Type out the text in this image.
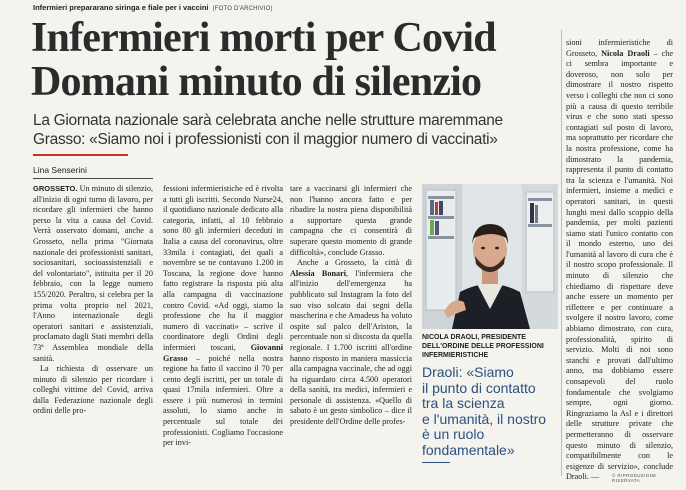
Infermieri prepararano siringa e fiale per i vaccini (FOTO D'ARCHIVIO)
Infermieri morti per Covid
Domani minuto di silenzio
La Giornata nazionale sarà celebrata anche nelle strutture maremmane
Grasso: «Siamo noi i professionisti con il maggior numero di vaccinati»
Lina Senserini

GROSSETO. Un minuto di silenzio, all'inizio di ogni turno di lavoro, per ricordare gli infermieri che hanno perso la vita a causa del Covid. Verrà osservato domani, anche a Grosseto, nella prima "Giornata nazionale dei professionisti sanitari, sociosanitari, socioassistenziali e del volontariato", istituita per il 20 febbraio, con la legge numero 155/2020. Peraltro, si celebra per la prima volta proprio nel 2021, l'Anno internazionale degli operatori sanitari e assistenziali, proclamato dagli Stati membri della 73ª Assemblea mondiale della sanità.

La richiesta di osservare un minuto di silenzio per ricordare i colleghi vittime del Covid, arriva dalla Federazione nazionale degli ordini delle pro-

fessioni infermieristiche ed è rivolta a tutti gli iscritti. Secondo Nurse24, il quotidiano nazionale dedicato alla categoria, infatti, al 10 febbraio sono 80 gli infermieri deceduti in Italia a causa del coronavirus, oltre 33mila i contagiati, dei quali a novembre se ne contavano 1.200 in Toscana, la regione dove hanno fatto registrare la risposta più alta alla campagna di vaccinazione contro Covid. «Ad oggi, siamo la professione che ha il maggior numero di vaccinati» – scrive il coordinatore degli Ordini degli infermieri toscani, Giovanni Grasso – poiché nella nostra regione ha fatto il vaccino il 70 per cento degli iscritti, per un totale di quasi 17mila infermieri. Oltre a essere i più numerosi in termini assoluti, lo siamo anche in percentuale sul totale dei professionisti. Cogliamo l'occasione per invi-

tare a vaccinarsi gli infermieri che non l'hanno ancora fatto e per ribadire la nostra piena disponibilità a supportare questa grande campagna che ci consentirà di superare questo momento di grande difficoltà», conclude Grasso.

Anche a Grosseto, la città di Alessia Bonari, l'infermiera che all'inizio dell'emergenza ha pubblicato sul Instagram la foto del suo viso solcato dai segni della mascherina e che Amadeus ha voluto ospite sul palco dell'Ariston, la percentuale non si discosta da quella regionale. I 1.700 iscritti all'ordine hanno risposto in maniera massiccia alla campagna vaccinale, che ad oggi ha riguardato circa 4.500 operatori della sanità, tra medici, infermieri e personale di assistenza. «Quello di sabato è un gesto simbolico – dice il presidente dell'Ordine delle profes-

sioni infermieristiche di Grosseto, Nicola Draoli – che ci sembra importante e doveroso, non solo per dimostrare il nostro rispetto verso i colleghi che non ci sono più a causa di questo terribile virus e che sono stati spesso contagiati sul posto di lavoro, ma soprattutto per ricordare che la nostra professione, come ha dimostrato la pandemia, rappresenta il punto di contatto tra la scienza e l'umanità. Noi infermieri, insieme a medici e operatori sanitari, in questi lunghi mesi dallo scoppio della pandemia, per molti pazienti siamo stati l'unico contatto con il mondo esterno, uno dei l'umanità al lavoro di cura che è il nostro scopo professionale. Il minuto di silenzio che chiediamo di rispettare deve anche essere un momento per riflettere e per continuare a svolgere il nostro lavoro, come abbiamo dimostrato, con cura, professionalità, spirito di servizio. Molti di noi sono stanchi e provati dall'ultimo anno, ma dobbiamo essere consapevoli del ruolo fondamentale che svolgiamo sempre, ogni giorno. Ringraziamo la Asl e i direttori delle strutture private che permetteranno di osservare questo minuto di silenzio, compatibilmente con le esigenze di servizio», conclude Draoli. —

NICOLA DRAOLI, PRESIDENTE
DELL'ORDINE DELLE PROFESSIONI
INFERMIERISTICHE
Draoli: «Siamo
il punto di contatto
tra la scienza
e l'umanità, il nostro
è un ruolo
fondamentale»
© RIPRODUZIONE RISERVATA
